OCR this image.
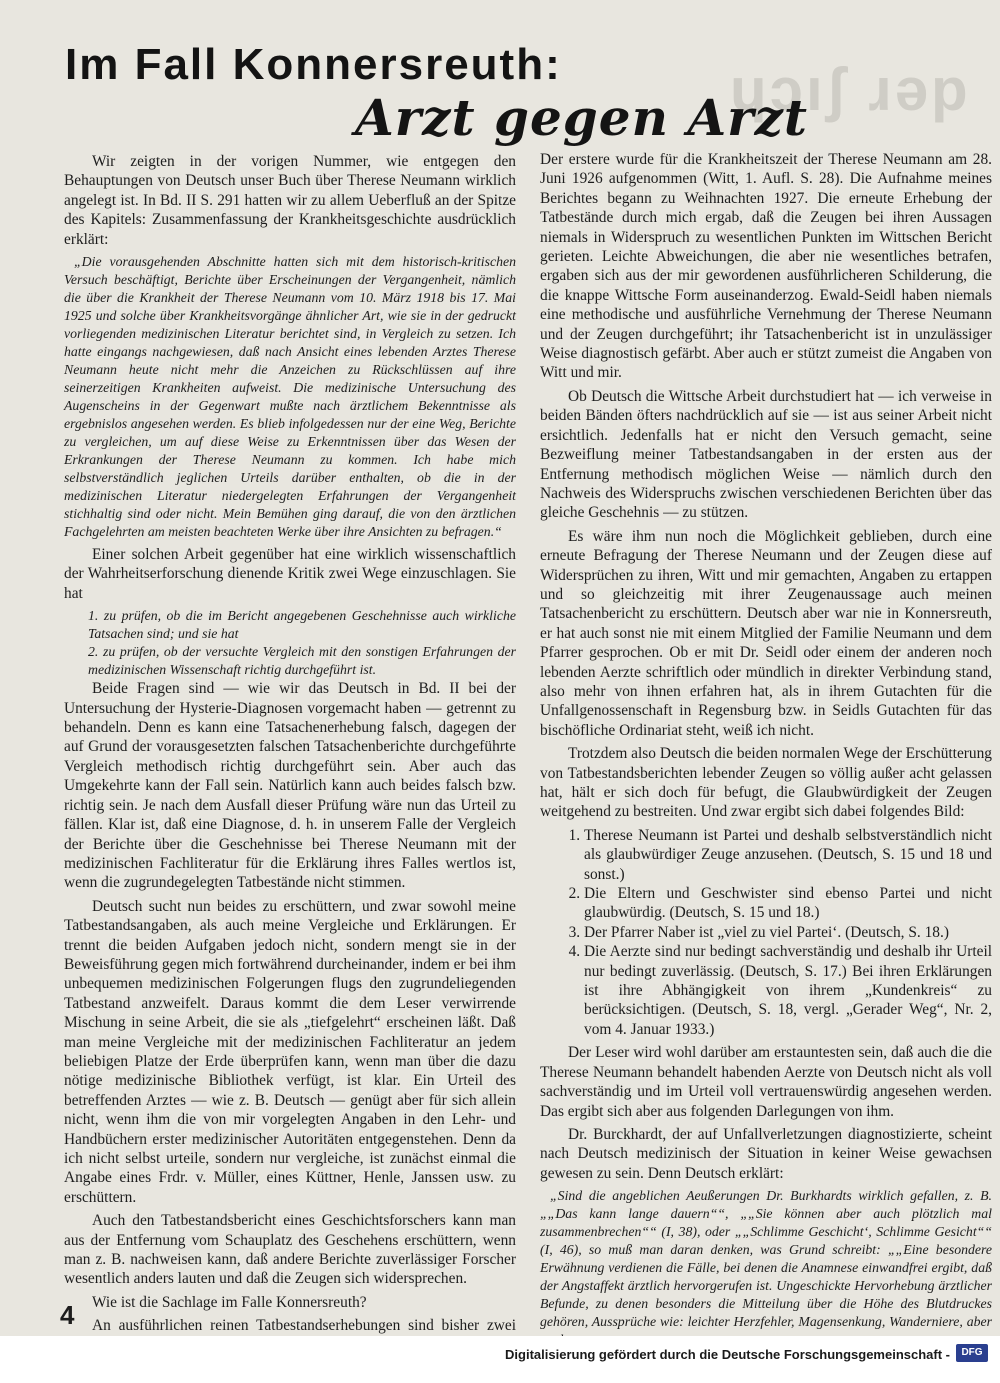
ɥɔıʃ ɹǝp
Im Fall Konnersreuth:
Arzt gegen Arzt

Wir zeigten in der vorigen Nummer, wie entgegen den Behauptungen von Deutsch unser Buch über Therese Neumann wirklich angelegt ist. In Bd. II S. 291 hatten wir zu allem Ueberfluß an der Spitze des Kapitels: Zusammenfassung der Krankheitsgeschichte ausdrücklich erklärt:

„Die vorausgehenden Abschnitte hatten sich mit dem historisch-kritischen Versuch beschäftigt, Berichte über Erscheinungen der Vergangenheit, nämlich die über die Krankheit der Therese Neumann vom 10. März 1918 bis 17. Mai 1925 und solche über Krankheitsvorgänge ähnlicher Art, wie sie in der gedruckt vorliegenden medizinischen Literatur berichtet sind, in Vergleich zu setzen. Ich hatte eingangs nachgewiesen, daß nach Ansicht eines lebenden Arztes Therese Neumann heute nicht mehr die Anzeichen zu Rückschlüssen auf ihre seinerzeitigen Krankheiten aufweist. Die medizinische Untersuchung des Augenscheins in der Gegenwart mußte nach ärztlichem Bekenntnisse als ergebnislos angesehen werden. Es blieb infolgedessen nur der eine Weg, Berichte zu vergleichen, um auf diese Weise zu Erkenntnissen über das Wesen der Erkrankungen der Therese Neumann zu kommen. Ich habe mich selbstverständlich jeglichen Urteils darüber enthalten, ob die in der medizinischen Literatur niedergelegten Erfahrungen der Vergangenheit stichhaltig sind oder nicht. Mein Bemühen ging darauf, die von den ärztlichen Fachgelehrten am meisten beachteten Werke über ihre Ansichten zu befragen.“

Einer solchen Arbeit gegenüber hat eine wirklich wissenschaftlich der Wahrheitserforschung dienende Kritik zwei Wege einzuschlagen. Sie hat

1. zu prüfen, ob die im Bericht angegebenen Geschehnisse auch wirkliche Tatsachen sind; und sie hat

2. zu prüfen, ob der versuchte Vergleich mit den sonstigen Erfahrungen der medizinischen Wissenschaft richtig durchgeführt ist.

Beide Fragen sind — wie wir das Deutsch in Bd. II bei der Untersuchung der Hysterie-Diagnosen vorgemacht haben — getrennt zu behandeln. Denn es kann eine Tatsachenerhebung falsch, dagegen der auf Grund der vorausgesetzten falschen Tatsachenberichte durchgeführte Vergleich methodisch richtig durchgeführt sein. Aber auch das Umgekehrte kann der Fall sein. Natürlich kann auch beides falsch bzw. richtig sein. Je nach dem Ausfall dieser Prüfung wäre nun das Urteil zu fällen. Klar ist, daß eine Diagnose, d. h. in unserem Falle der Vergleich der Berichte über die Geschehnisse bei Therese Neumann mit der medizinischen Fachliteratur für die Erklärung ihres Falles wertlos ist, wenn die zugrundegelegten Tatbestände nicht stimmen.

Deutsch sucht nun beides zu erschüttern, und zwar sowohl meine Tatbestandsangaben, als auch meine Vergleiche und Erklärungen. Er trennt die beiden Aufgaben jedoch nicht, sondern mengt sie in der Beweisführung gegen mich fortwährend durcheinander, indem er bei ihm unbequemen medizinischen Folgerungen flugs den zugrundeliegenden Tatbestand anzweifelt. Daraus kommt die dem Leser verwirrende Mischung in seine Arbeit, die sie als „tiefgelehrt“ erscheinen läßt. Daß man meine Vergleiche mit der medizinischen Fachliteratur an jedem beliebigen Platze der Erde überprüfen kann, wenn man über die dazu nötige medizinische Bibliothek verfügt, ist klar. Ein Urteil des betreffenden Arztes — wie z. B. Deutsch — genügt aber für sich allein nicht, wenn ihm die von mir vorgelegten Angaben in den Lehr- und Handbüchern erster medizinischer Autoritäten entgegenstehen. Denn da ich nicht selbst urteile, sondern nur vergleiche, ist zunächst einmal die Angabe eines Frdr. v. Müller, eines Küttner, Henle, Janssen usw. zu erschüttern.

Auch den Tatbestandsbericht eines Geschichtsforschers kann man aus der Entfernung vom Schauplatz des Geschehens erschüttern, wenn man z. B. nachweisen kann, daß andere Berichte zuverlässiger Forscher wesentlich anders lauten und daß die Zeugen sich widersprechen.

Wie ist die Sachlage im Falle Konnersreuth?

An ausführlichen reinen Tatbestandserhebungen sind bisher zwei

Der erstere wurde für die Krankheitszeit der Therese Neumann am 28. Juni 1926 aufgenommen (Witt, 1. Aufl. S. 28). Die Aufnahme meines Berichtes begann zu Weihnachten 1927. Die erneute Erhebung der Tatbestände durch mich ergab, daß die Zeugen bei ihren Aussagen niemals in Widerspruch zu wesentlichen Punkten im Wittschen Bericht gerieten. Leichte Abweichungen, die aber nie wesentliches betrafen, ergaben sich aus der mir gewordenen ausführlicheren Schilderung, die die knappe Wittsche Form auseinanderzog. Ewald-Seidl haben niemals eine methodische und ausführliche Vernehmung der Therese Neumann und der Zeugen durchgeführt; ihr Tatsachenbericht ist in unzulässiger Weise diagnostisch gefärbt. Aber auch er stützt zumeist die Angaben von Witt und mir.

Ob Deutsch die Wittsche Arbeit durchstudiert hat — ich verweise in beiden Bänden öfters nachdrücklich auf sie — ist aus seiner Arbeit nicht ersichtlich. Jedenfalls hat er nicht den Versuch gemacht, seine Bezweiflung meiner Tatbestandsangaben in der ersten aus der Entfernung methodisch möglichen Weise — nämlich durch den Nachweis des Widerspruchs zwischen verschiedenen Berichten über das gleiche Geschehnis — zu stützen.

Es wäre ihm nun noch die Möglichkeit geblieben, durch eine erneute Befragung der Therese Neumann und der Zeugen diese auf Widersprüchen zu ihren, Witt und mir gemachten, Angaben zu ertappen und so gleichzeitig mit ihrer Zeugenaussage auch meinen Tatsachenbericht zu erschüttern. Deutsch aber war nie in Konnersreuth, er hat auch sonst nie mit einem Mitglied der Familie Neumann und dem Pfarrer gesprochen. Ob er mit Dr. Seidl oder einem der anderen noch lebenden Aerzte schriftlich oder mündlich in direkter Verbindung stand, also mehr von ihnen erfahren hat, als in ihrem Gutachten für die Unfallgenossenschaft in Regensburg bzw. in Seidls Gutachten für das bischöfliche Ordinariat steht, weiß ich nicht.

Trotzdem also Deutsch die beiden normalen Wege der Erschütterung von Tatbestandsberichten lebender Zeugen so völlig außer acht gelassen hat, hält er sich doch für befugt, die Glaubwürdigkeit der Zeugen weitgehend zu bestreiten. Und zwar ergibt sich dabei folgendes Bild:

1. Therese Neumann ist Partei und deshalb selbstverständlich nicht als glaubwürdiger Zeuge anzusehen. (Deutsch, S. 15 und 18 und sonst.)
2. Die Eltern und Geschwister sind ebenso Partei und nicht glaubwürdig. (Deutsch, S. 15 und 18.)
3. Der Pfarrer Naber ist „viel zu viel Partei‘. (Deutsch, S. 18.)
4. Die Aerzte sind nur bedingt sachverständig und deshalb ihr Urteil nur bedingt zuverlässig. (Deutsch, S. 17.) Bei ihren Erklärungen ist ihre Abhängigkeit von ihrem „Kundenkreis“ zu berücksichtigen. (Deutsch, S. 18, vergl. „Gerader Weg“, Nr. 2, vom 4. Januar 1933.)

Der Leser wird wohl darüber am erstauntesten sein, daß auch die die Therese Neumann behandelt habenden Aerzte von Deutsch nicht als voll sachverständig und im Urteil voll vertrauenswürdig angesehen werden. Das ergibt sich aber aus folgenden Darlegungen von ihm.

Dr. Burckhardt, der auf Unfallverletzungen diagnostizierte, scheint nach Deutsch medizinisch der Situation in keiner Weise gewachsen gewesen zu sein. Denn Deutsch erklärt:

„Sind die angeblichen Aeußerungen Dr. Burkhardts wirklich gefallen, z. B. „„Das kann lange dauern““, „„Sie können aber auch plötzlich mal zusammenbrechen““ (I, 38), oder „„Schlimme Geschicht‘, Schlimme Gesicht““ (I, 46), so muß man daran denken, was Grund schreibt: „„Eine besondere Erwähnung verdienen die Fälle, bei denen die Anamnese einwandfrei ergibt, daß der Angstaffekt ärztlich hervorgerufen ist. Ungeschickte Hervorhebung ärztlicher Befunde, zu denen besonders die Mitteilung über die Höhe des Blutdruckes gehören, Aussprüche wie: leichter Herzfehler, Magensenkung, Wanderniere, aber

4
Digitalisierung gefördert durch die Deutsche Forschungsgemeinschaft -	DFG
